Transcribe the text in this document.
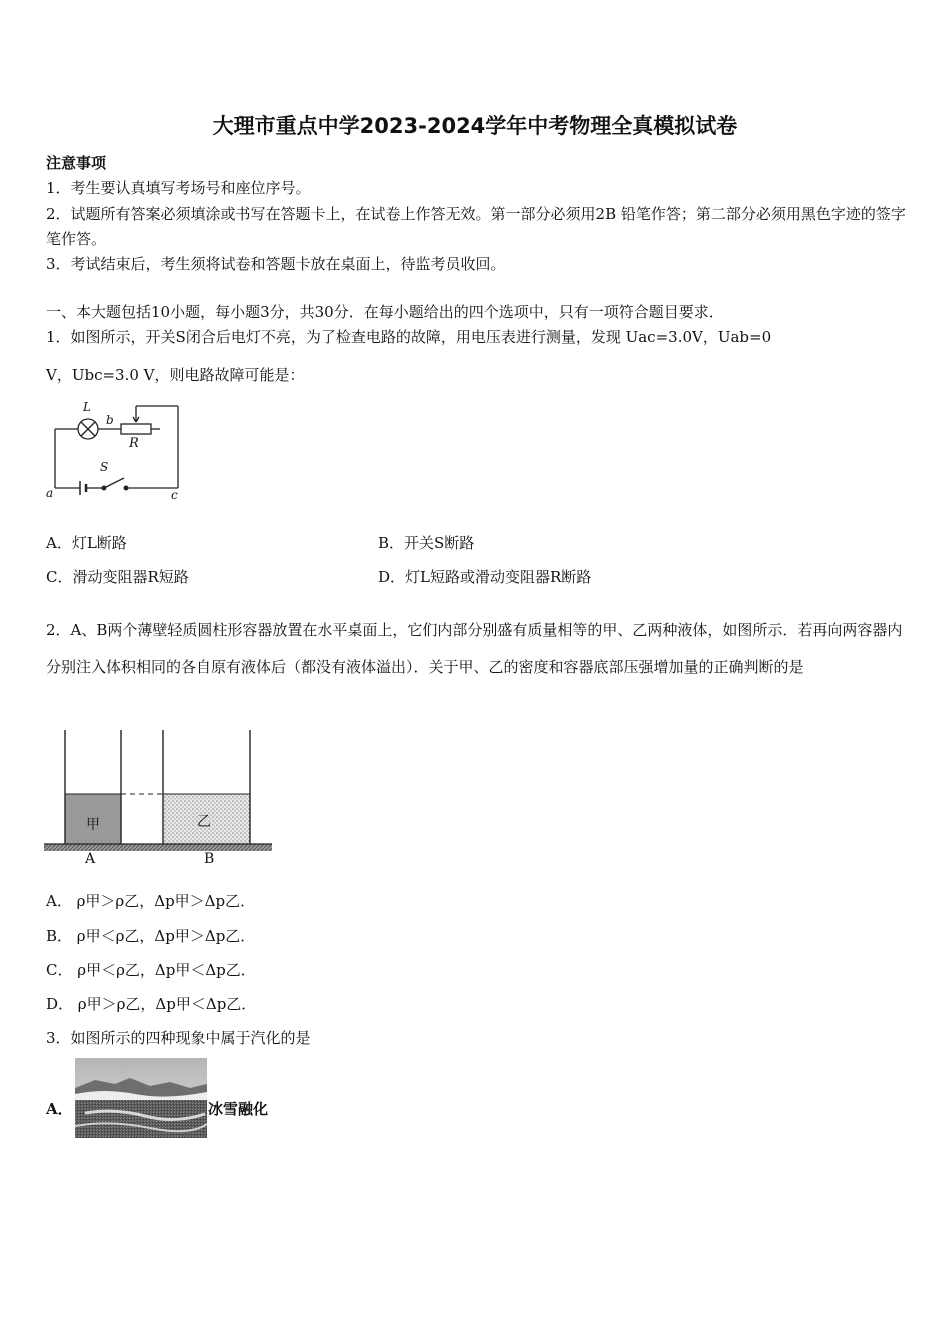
大理市重点中学2023-2024学年中考物理全真模拟试卷
注意事项
1．考生要认真填写考场号和座位序号。
2．试题所有答案必须填涂或书写在答题卡上，在试卷上作答无效。第一部分必须用2B 铅笔作答；第二部分必须用黑色字迹的签字笔作答。
3．考试结束后，考生须将试卷和答题卡放在桌面上，待监考员收回。
一、本大题包括10小题，每小题3分，共30分．在每小题给出的四个选项中，只有一项符合题目要求．
1．如图所示，开关S闭合后电灯不亮，为了检查电路的故障，用电压表进行测量，发现 Uac=3.0V，Uab=0
V，Ubc=3.0 V，则电路故障可能是：
L
b
R
S
a	c
A．灯L断路	B．开关S断路
C．滑动变阻器R短路	D．灯L短路或滑动变阻器R断路
2．A、B两个薄壁轻质圆柱形容器放置在水平桌面上，它们内部分别盛有质量相等的甲、乙两种液体，如图所示．若再向两容器内分别注入体积相同的各自原有液体后（都没有液体溢出）．关于甲、乙的密度和容器底部压强增加量的正确判断的是
甲	乙
A	B
A． ρ甲＞ρ乙，Δp甲＞Δp乙．
B． ρ甲＜ρ乙，Δp甲＞Δp乙．
C． ρ甲＜ρ乙，Δp甲＜Δp乙．
D． ρ甲＞ρ乙，Δp甲＜Δp乙．
3．如图所示的四种现象中属于汽化的是
A．	冰雪融化
